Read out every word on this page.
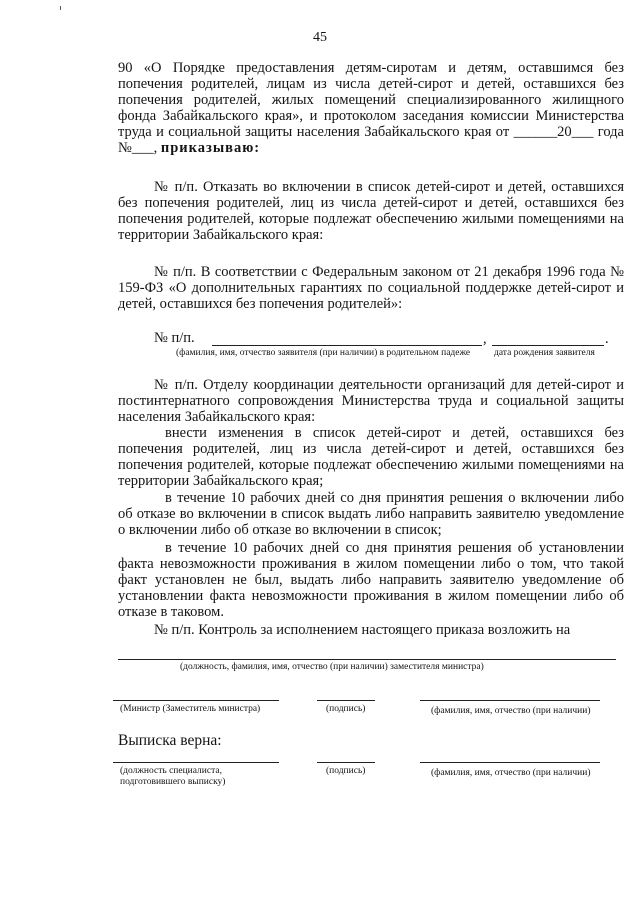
45
90 «О Порядке предоставления детям-сиротам и детям, оставшимся без попечения родителей, лицам из числа детей-сирот и детей, оставшихся без попечения родителей, жилых помещений специализированного жилищного фонда Забайкальского края», и протоколом заседания комиссии Министерства труда и социальной защиты населения Забайкальского края от ______20___ года №___, приказываю:
№ п/п. Отказать во включении в список детей-сирот и детей, оставшихся без попечения родителей, лиц из числа детей-сирот и детей, оставшихся без попечения родителей, которые подлежат обеспечению жилыми помещениями на территории Забайкальского края:
№ п/п. В соответствии с Федеральным законом от 21 декабря 1996 года № 159-ФЗ «О дополнительных гарантиях по социальной поддержке детей-сирот и детей, оставшихся без попечения родителей»:
№ п/п.	,	.
(фамилия, имя, отчество заявителя (при наличии) в родительном падеже	дата рождения заявителя
№ п/п. Отделу координации деятельности организаций для детей-сирот и постинтернатного сопровождения Министерства труда и социальной защиты населения Забайкальского края:
внести изменения в список детей-сирот и детей, оставшихся без попечения родителей, лиц из числа детей-сирот и детей, оставшихся без попечения родителей, которые подлежат обеспечению жилыми помещениями на территории Забайкальского края;
в течение 10 рабочих дней со дня принятия решения о включении либо об отказе во включении в список выдать либо направить заявителю уведомление о включении либо об отказе во включении в список;
в течение 10 рабочих дней со дня принятия решения об установлении факта невозможности проживания в жилом помещении либо о том, что такой факт установлен не был, выдать либо направить заявителю уведомление об установлении факта невозможности проживания в жилом помещении либо об отказе в таковом.
№ п/п. Контроль за исполнением настоящего приказа возложить на
(должность, фамилия, имя, отчество (при наличии) заместителя министра)
(Министр (Заместитель министра)	(подпись)	(фамилия, имя, отчество (при наличии)
Выписка верна:
(должность специалиста,
подготовившего выписку)
(подпись)	(фамилия, имя, отчество (при наличии)
